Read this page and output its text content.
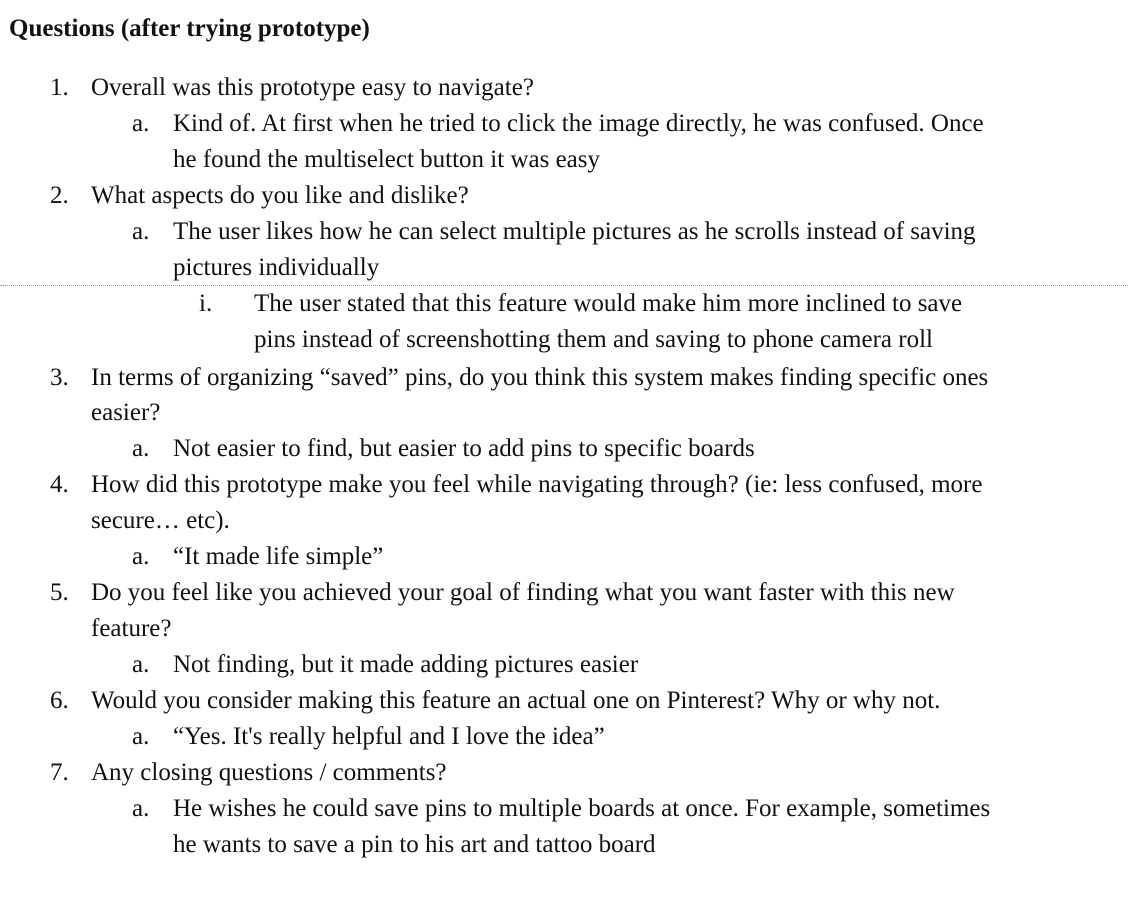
Questions (after trying prototype)
1. Overall was this prototype easy to navigate?
a. Kind of. At first when he tried to click the image directly, he was confused. Once
he found the multiselect button it was easy
2. What aspects do you like and dislike?
a. The user likes how he can select multiple pictures as he scrolls instead of saving
pictures individually
i. The user stated that this feature would make him more inclined to save
pins instead of screenshotting them and saving to phone camera roll
3. In terms of organizing “saved” pins, do you think this system makes finding specific ones
easier?
a. Not easier to find, but easier to add pins to specific boards
4. How did this prototype make you feel while navigating through? (ie: less confused, more
secure… etc).
a. “It made life simple”
5. Do you feel like you achieved your goal of finding what you want faster with this new
feature?
a. Not finding, but it made adding pictures easier
6. Would you consider making this feature an actual one on Pinterest? Why or why not.
a. “Yes. It's really helpful and I love the idea”
7. Any closing questions / comments?
a. He wishes he could save pins to multiple boards at once. For example, sometimes
he wants to save a pin to his art and tattoo board
